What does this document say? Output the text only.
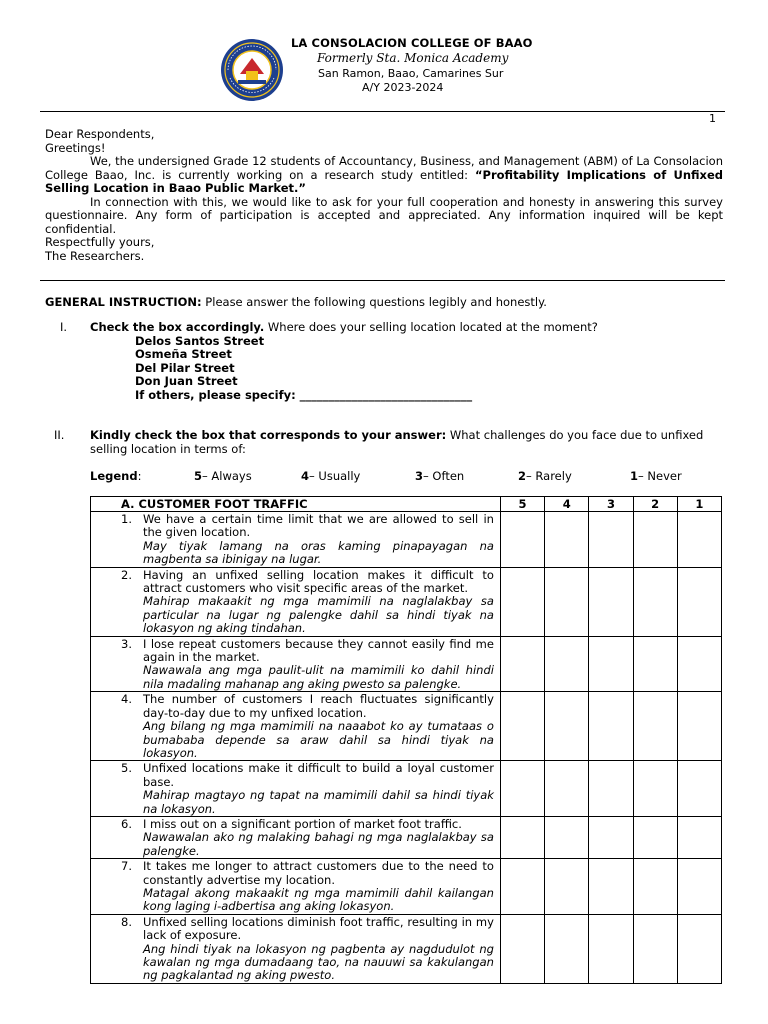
LA CONSOLACION COLLEGE OF BAAO
Formerly Sta. Monica Academy
San Ramon, Baao, Camarines Sur
A/Y 2023-2024
1

Dear Respondents,

Greetings!

We, the undersigned Grade 12 students of Accountancy, Business, and Management (ABM) of La Consolacion College Baao, Inc. is currently working on a research study entitled: “Profitability Implications of Unfixed Selling Location in Baao Public Market.”

In connection with this, we would like to ask for your full cooperation and honesty in answering this survey questionnaire. Any form of participation is accepted and appreciated. Any information inquired will be kept confidential.

Respectfully yours,

The Researchers.

GENERAL INSTRUCTION: Please answer the following questions legibly and honestly.
I. Check the box accordingly. Where does your selling location located at the moment?
Delos Santos Street
Osmeña Street
Del Pilar Street
Don Juan Street
If others, please specify: ______________________________
II. Kindly check the box that corresponds to your answer: What challenges do you face due to unfixed selling location in terms of:
Legend :	5 – Always	4 – Usually	3 – Often	2 – Rarely	1 – Never
A. CUSTOMER FOOT TRAFFIC	5	4	3	2	1

1. We have a certain time limit that we are allowed to sell in the given location.
May tiyak lamang na oras kaming pinapayagan na magbenta sa ibinigay na lugar.					

2. Having an unfixed selling location makes it difficult to attract customers who visit specific areas of the market.
Mahirap makaakit ng mga mamimili na naglalakbay sa particular na lugar ng palengke dahil sa hindi tiyak na lokasyon ng aking tindahan.					

3. I lose repeat customers because they cannot easily find me again in the market.
Nawawala ang mga paulit-ulit na mamimili ko dahil hindi nila madaling mahanap ang aking pwesto sa palengke.					

4. The number of customers I reach fluctuates significantly day-to-day due to my unfixed location.
Ang bilang ng mga mamimili na naaabot ko ay tumataas o bumababa depende sa araw dahil sa hindi tiyak na lokasyon.					

5. Unfixed locations make it difficult to build a loyal customer base.
Mahirap magtayo ng tapat na mamimili dahil sa hindi tiyak na lokasyon.					

6. I miss out on a significant portion of market foot traffic.
Nawawalan ako ng malaking bahagi ng mga naglalakbay sa palengke.					

7. It takes me longer to attract customers due to the need to constantly advertise my location.
Matagal akong makaakit ng mga mamimili dahil kailangan kong laging i-adbertisa ang aking lokasyon.					

8. Unfixed selling locations diminish foot traffic, resulting in my lack of exposure.
Ang hindi tiyak na lokasyon ng pagbenta ay nagdudulot ng kawalan ng mga dumadaang tao, na nauuwi sa kakulangan ng pagkalantad ng aking pwesto.					
